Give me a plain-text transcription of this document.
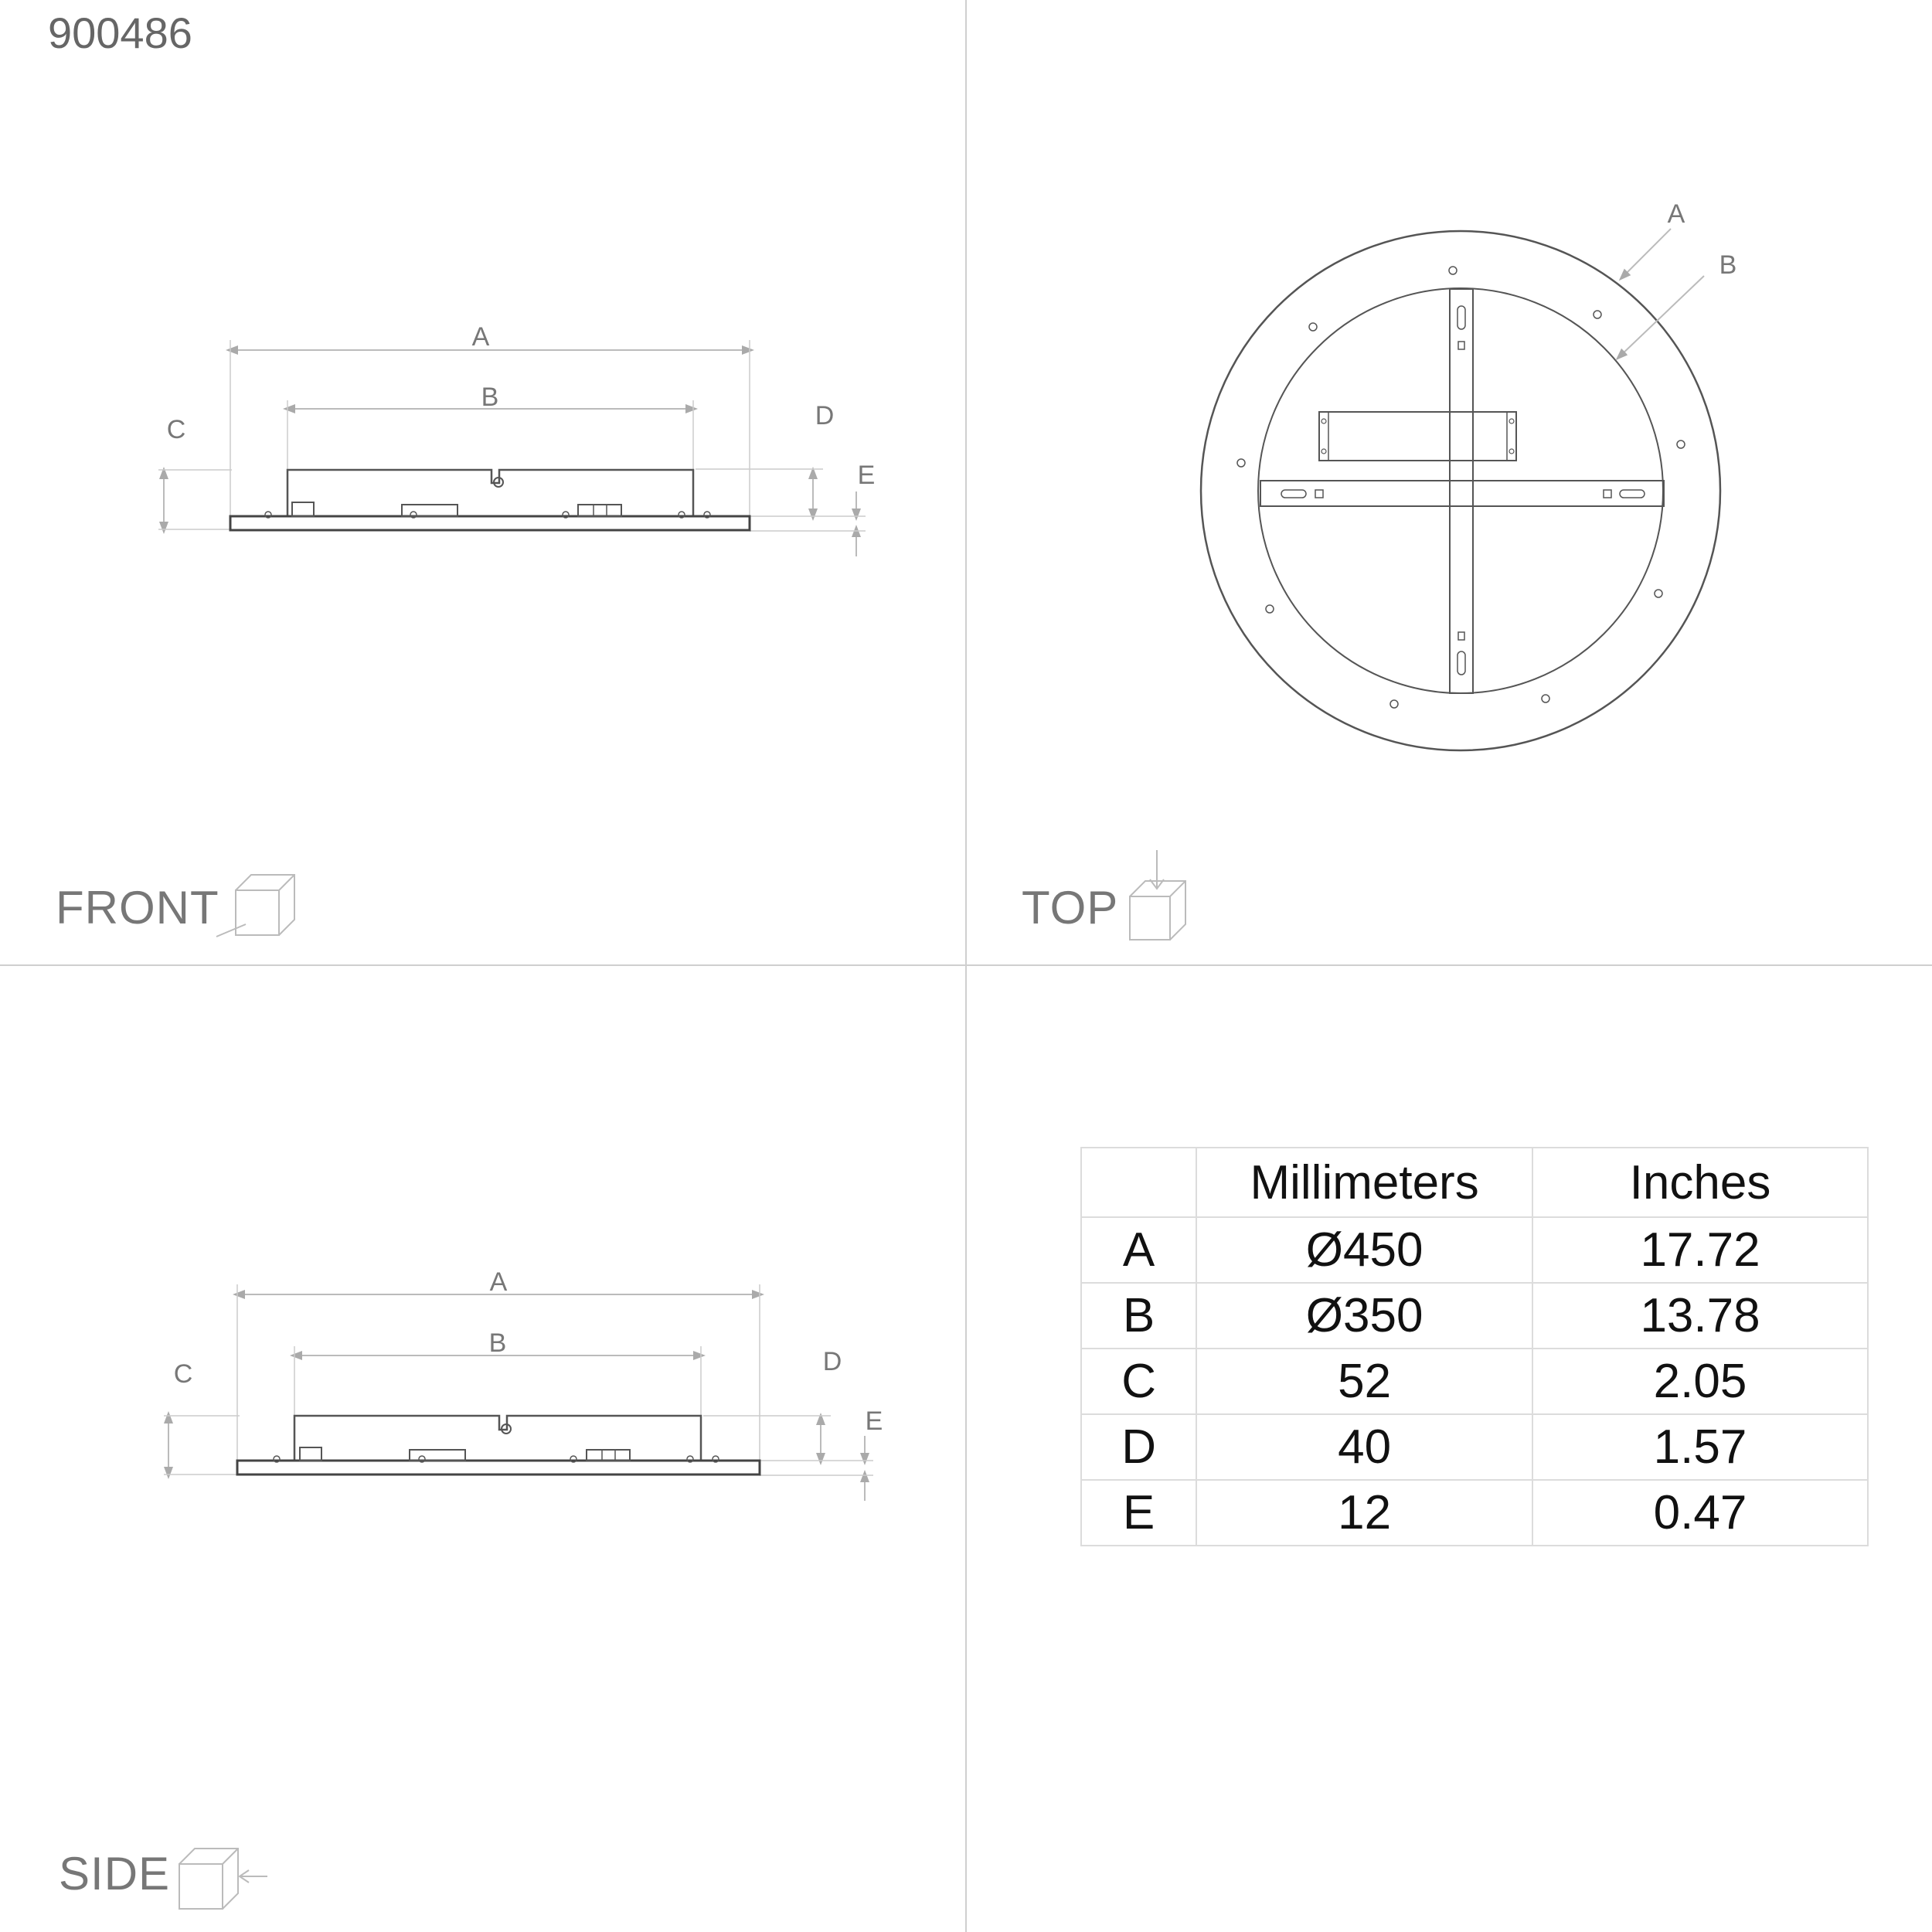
900486
FRONT	TOP
SIDE
A
B
C	D
E
A
B
A
B
C	D
E
	Millimeters	Inches
A	Ø450	17.72
B	Ø350	13.78
C	52	2.05
D	40	1.57
E	12	0.47
